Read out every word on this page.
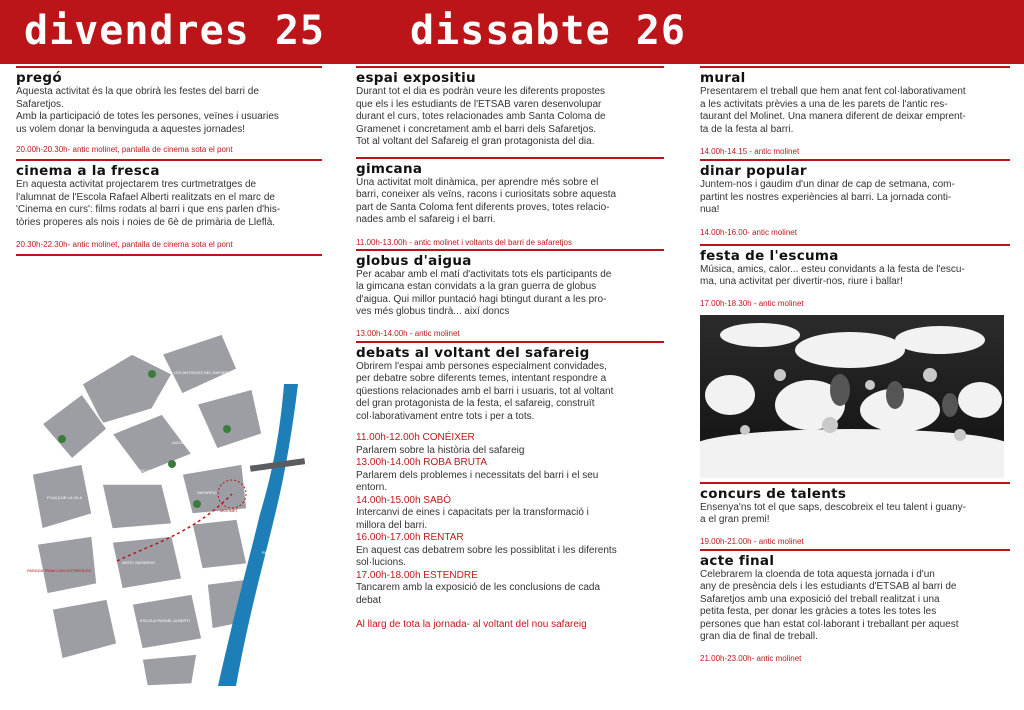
divendres 25 dissabte 26
pregó
Aquesta activitat és la que obrirà les festes del barri de
Safaretjos.
Amb la participació de totes les persones, veïnes i usuaries
us volem donar la benvinguda a aquestes jornades!
20.00h-20.30h- antic molinet, pantalla de cinema sota el pont
cinema a la fresca
En aquesta activitat projectarem tres curtmetratges de
l'alumnat de l'Escola Rafael Alberti realitzats en el marc de
'Cinema en curs': films rodats al barri i que ens parlen d'his-
tòries properes als nois i noies de 6è de primària de Lleflà.
20.30h-22.30h- antic molinet, pantalla de cinema sota el pont
CARRER DEL SAFAREIG
ANTIC MOLINET
AIGUA
PLAÇA DEL SAFAREIG
LES ANTIGUES DEL SAFAREIG
SAFAREIG
ESCOLA RAFAEL ALBERTI
PLAÇA DE LA VILA
PONT
ACCÉS
ANTIC SAFAREIG
PARADA TRAM CAN GOTEROLES
MOLINET
RIU BESÒS
espai expositiu
Durant tot el dia es podràn veure les diferents propostes
que els i les estudiants de l'ETSAB varen desenvolupar
durant el curs, totes relacionades amb Santa Coloma de
Gramenet i concretament amb el barri dels Safaretjos.
Tot al voltant del Safareig el gran protagonista del dia.
gimcana
Una activitat molt dinàmica, per aprendre més sobre el
barri, coneixer als veïns, racons i curiositats sobre aquesta
part de Santa Coloma fent diferents proves, totes relacio-
nades amb el safareig i el barri.
11.00h-13.00h - antic molinet i voltants del barri de safaretjos
globus d'aigua
Per acabar amb el matí d'activitats tots els participants de
la gimcana estan convidats a la gran guerra de globus
d'aigua. Qui millor puntació hagi btingut durant a les pro-
ves més globus tindrà... així doncs
13.00h-14.00h - antic molinet
debats al voltant del safareig
Obrirem l'espai amb persones especialment convidades,
per debatre sobre diferents temes, intentant respondre a
qüestions relacionades amb el barri i usuaris, tot al voltant
del gran protagonista de la festa, el safareig, construït
col·laborativament entre tots i per a tots.
11.00h-12.00h CONÉIXER
Parlarem sobre la història del safareig
13.00h-14.00h ROBA BRUTA
Parlarem dels problemes i necessitats del barri i el seu
entorn.
14.00h-15.00h SABÓ
Intercanvi de eines i capacitats per la transformació i
millora del barri.
16.00h-17.00h RENTAR
En aquest cas debatrem sobre les possiblitat i les diferents
sol·lucions.
17.00h-18.00h ESTENDRE
Tancarem amb la exposició de les conclusions de cada
debat
Al llarg de tota la jornada- al voltant del nou safareig
mural
Presentarem el treball que hem anat fent col·laborativament
a les activitats prèvies a una de les parets de l'antic res-
taurant del Molinet. Una manera diferent de deixar emprent-
ta de la festa al barri.
14.00h-14.15 - antic molinet
dinar popular
Juntem-nos i gaudim d'un dinar de cap de setmana, com-
partint les nostres experiències al barri. La jornada conti-
nua!
14.00h-16.00- antic molinet
festa de l'escuma
Música, amics, calor... esteu convidants a la festa de l'escu-
ma, una activitat per divertir-nos, riure i ballar!
17.00h-18.30h - antic molinet
concurs de talents
Ensenya'ns tot el que saps, descobreix el teu talent i guany-
a el gran premi!
19.00h-21.00h - antic molinet
acte final
Celebrarem la cloenda de tota aquesta jornada i d'un
any de presència dels i les estudiants d'ETSAB al barri de
Safaretjos amb una exposició del treball realitzat i una
petita festa, per donar les gràcies a totes les totes les
persones que han estat col·laborant i treballant per aquest
gran dia de final de treball.
21.00h-23.00h- antic molinet
